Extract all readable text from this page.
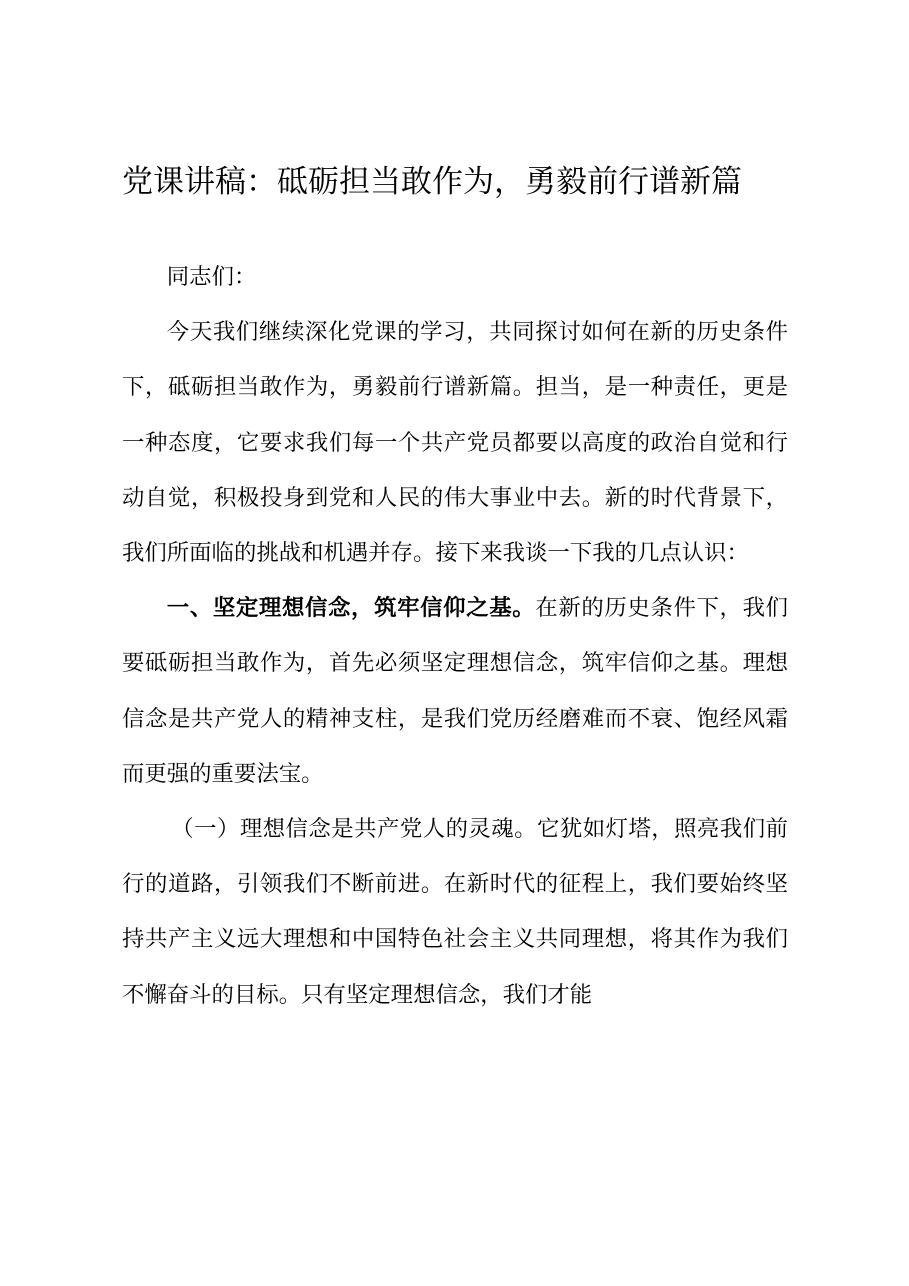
党课讲稿：砥砺担当敢作为，勇毅前行谱新篇

同志们：

今天我们继续深化党课的学习，共同探讨如何在新的历史条件下，砥砺担当敢作为，勇毅前行谱新篇。担当，是一种责任，更是一种态度，它要求我们每一个共产党员都要以高度的政治自觉和行动自觉，积极投身到党和人民的伟大事业中去。新的时代背景下，我们所面临的挑战和机遇并存。接下来我谈一下我的几点认识：

一、坚定理想信念，筑牢信仰之基。在新的历史条件下，我们要砥砺担当敢作为，首先必须坚定理想信念，筑牢信仰之基。理想信念是共产党人的精神支柱，是我们党历经磨难而不衰、饱经风霜而更强的重要法宝。

（一）理想信念是共产党人的灵魂。它犹如灯塔，照亮我们前行的道路，引领我们不断前进。在新时代的征程上，我们要始终坚持共产主义远大理想和中国特色社会主义共同理想，将其作为我们不懈奋斗的目标。只有坚定理想信念，我们才能
